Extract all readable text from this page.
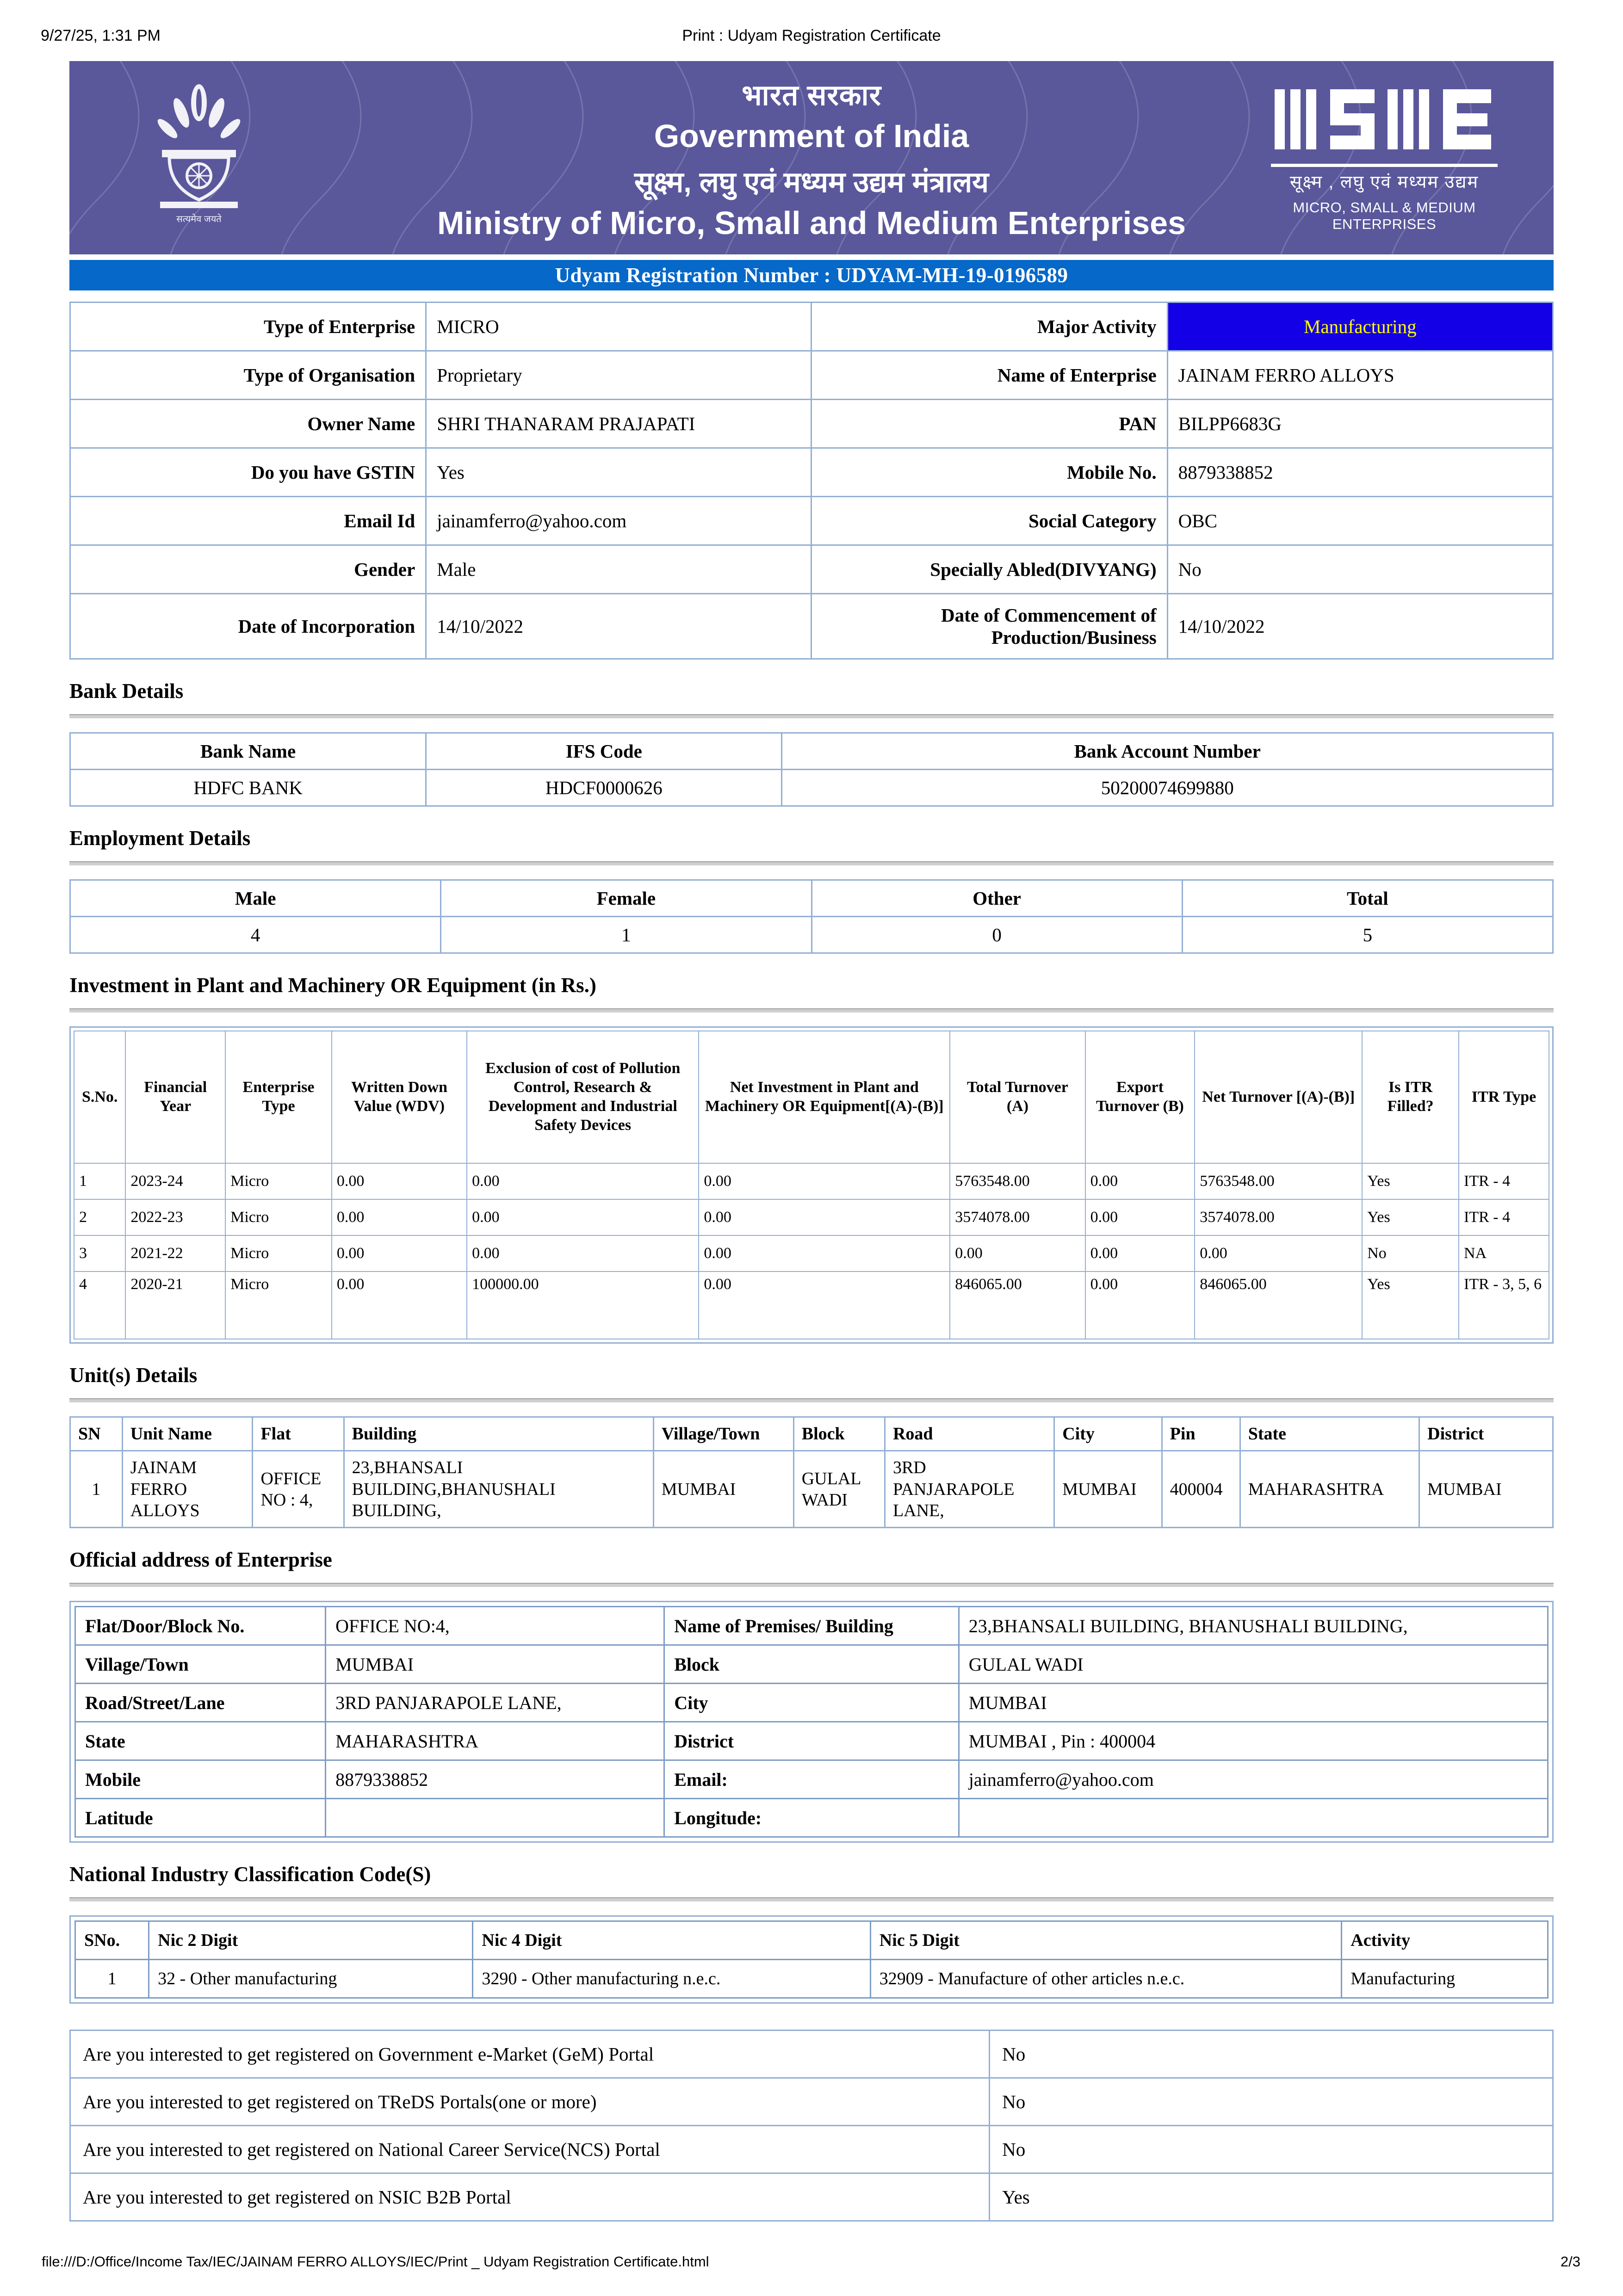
9/27/25, 1:31 PM	Print : Udyam Registration Certificate
सत्यमेव जयते
भारत सरकार
Government of India
सूक्ष्म, लघु एवं मध्यम उद्यम मंत्रालय
Ministry of Micro, Small and Medium Enterprises
सूक्ष्म , लघु एवं मध्यम उद्यम
MICRO, SMALL & MEDIUM ENTERPRISES
Udyam Registration Number : UDYAM-MH-19-0196589
Type of Enterprise	MICRO	Major Activity	Manufacturing
Type of Organisation	Proprietary	Name of Enterprise	JAINAM FERRO ALLOYS
Owner Name	SHRI THANARAM PRAJAPATI	PAN	BILPP6683G
Do you have GSTIN	Yes	Mobile No.	8879338852
Email Id	jainamferro@yahoo.com	Social Category	OBC
Gender	Male	Specially Abled(DIVYANG)	No
Date of Incorporation	14/10/2022	Date of Commencement of Production/Business	14/10/2022
Bank Details
Bank Name	IFS Code	Bank Account Number
HDFC BANK	HDCF0000626	50200074699880
Employment Details
Male	Female	Other	Total
4	1	0	5
Investment in Plant and Machinery OR Equipment (in Rs.)
S.No.	Financial Year	Enterprise Type	Written Down Value (WDV)	Exclusion of cost of Pollution Control, Research & Development and Industrial Safety Devices	Net Investment in Plant and Machinery OR Equipment[(A)-(B)]	Total Turnover (A)	Export Turnover (B)	Net Turnover [(A)-(B)]	Is ITR Filled?	ITR Type
1	2023-24	Micro	0.00	0.00	0.00	5763548.00	0.00	5763548.00	Yes	ITR - 4
2	2022-23	Micro	0.00	0.00	0.00	3574078.00	0.00	3574078.00	Yes	ITR - 4
3	2021-22	Micro	0.00	0.00	0.00	0.00	0.00	0.00	No	NA
4	2020-21	Micro	0.00	100000.00	0.00	846065.00	0.00	846065.00	Yes	ITR - 3, 5, 6
Unit(s) Details
SN	Unit Name	Flat	Building	Village/Town	Block	Road	City	Pin	State	District
1	JAINAM FERRO ALLOYS	OFFICE NO : 4,	23,BHANSALI BUILDING,BHANUSHALI BUILDING,	MUMBAI	GULAL WADI	3RD PANJARAPOLE LANE,	MUMBAI	400004	MAHARASHTRA	MUMBAI
Official address of Enterprise
Flat/Door/Block No.	OFFICE NO:4,	Name of Premises/ Building	23,BHANSALI BUILDING, BHANUSHALI BUILDING,
Village/Town	MUMBAI	Block	GULAL WADI
Road/Street/Lane	3RD PANJARAPOLE LANE,	City	MUMBAI
State	MAHARASHTRA	District	MUMBAI , Pin : 400004
Mobile	8879338852	Email:	jainamferro@yahoo.com
Latitude		Longitude:	
National Industry Classification Code(S)
SNo.	Nic 2 Digit	Nic 4 Digit	Nic 5 Digit	Activity
1	32 - Other manufacturing	3290 - Other manufacturing n.e.c.	32909 - Manufacture of other articles n.e.c.	Manufacturing
Are you interested to get registered on Government e-Market (GeM) Portal	No
Are you interested to get registered on TReDS Portals(one or more)	No
Are you interested to get registered on National Career Service(NCS) Portal	No
Are you interested to get registered on NSIC B2B Portal	Yes
file:///D:/Office/Income Tax/IEC/JAINAM FERRO ALLOYS/IEC/Print _ Udyam Registration Certificate.html	2/3
